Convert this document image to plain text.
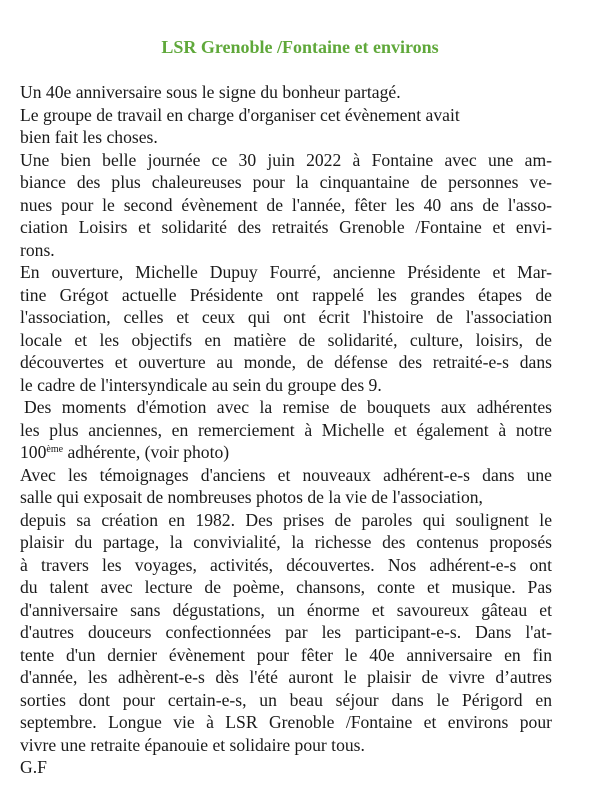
LSR Grenoble /Fontaine et environs

Un 40e anniversaire sous le signe du bonheur partagé.

Le groupe de travail en charge d'organiser cet évènement avait

bien fait les choses.

Une bien belle journée ce 30 juin 2022 à Fontaine avec une am-

biance des plus chaleureuses pour la cinquantaine de personnes ve-

nues pour le second évènement de l'année, fêter les 40 ans de l'asso-

ciation Loisirs et solidarité des retraités Grenoble /Fontaine et envi-

rons.

En ouverture, Michelle Dupuy Fourré, ancienne Présidente et Mar-

tine Grégot actuelle Présidente ont rappelé les grandes étapes de

l'association, celles et ceux qui ont écrit l'histoire de l'association

locale et les objectifs en matière de solidarité, culture, loisirs, de

découvertes et ouverture au monde, de défense des retraité-e-s dans

le cadre de l'intersyndicale au sein du groupe des 9.

Des moments d'émotion avec la remise de bouquets aux adhérentes

les plus anciennes, en remerciement à Michelle et également à notre

100ème adhérente, (voir photo)

Avec les témoignages d'anciens et nouveaux adhérent-e-s dans une

salle qui exposait de nombreuses photos de la vie de l'association,

depuis sa création en 1982. Des prises de paroles qui soulignent le

plaisir du partage, la convivialité, la richesse des contenus proposés

à travers les voyages, activités, découvertes. Nos adhérent-e-s ont

du talent avec lecture de poème, chansons, conte et musique. Pas

d'anniversaire sans dégustations, un énorme et savoureux gâteau et

d'autres douceurs confectionnées par les participant-e-s. Dans l'at-

tente d'un dernier évènement pour fêter le 40e anniversaire en fin

d'année, les adhèrent-e-s dès l'été auront le plaisir de vivre d’autres

sorties dont pour certain-e-s, un beau séjour dans le Périgord en

septembre. Longue vie à LSR Grenoble /Fontaine et environs pour

vivre une retraite épanouie et solidaire pour tous.

G.F
